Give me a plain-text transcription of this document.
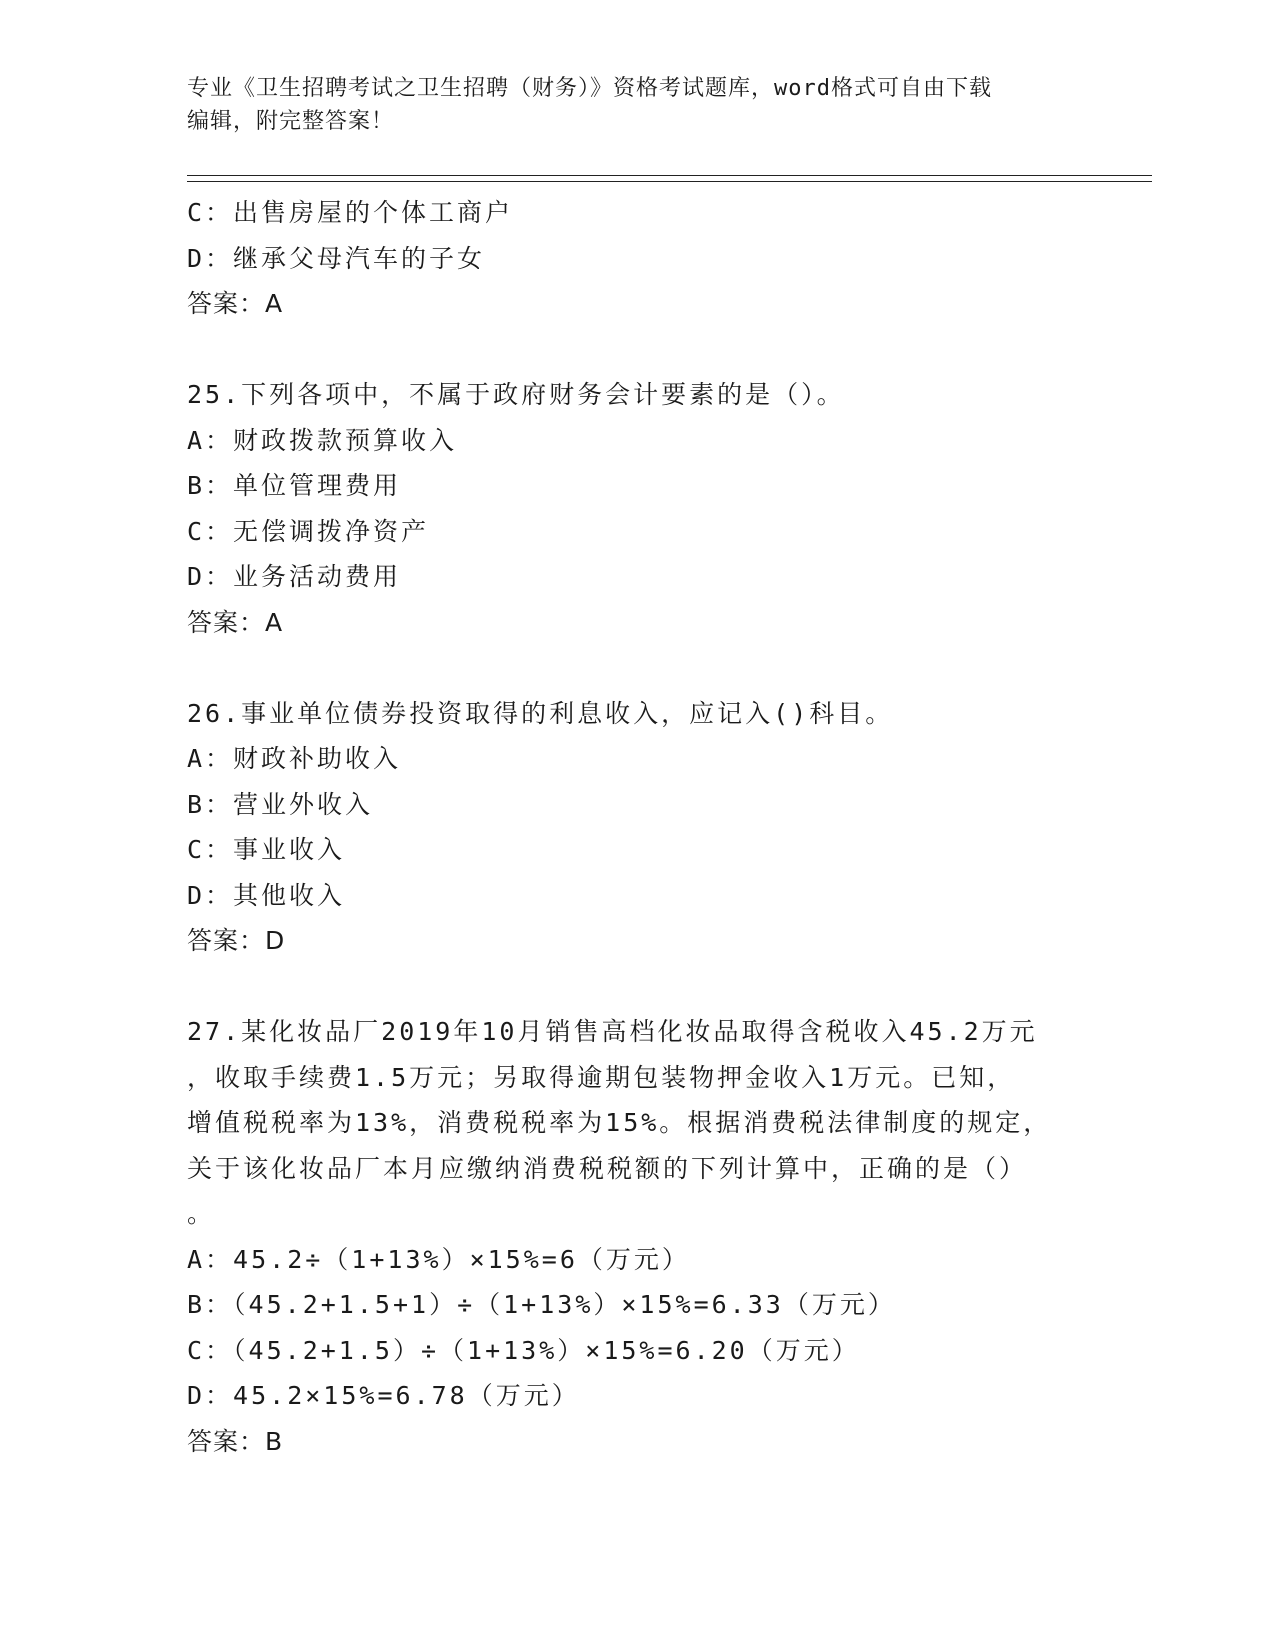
专业《卫生招聘考试之卫生招聘（财务）》资格考试题库，word格式可自由下载
编辑，附完整答案！
C：出售房屋的个体工商户
D：继承父母汽车的子女
答案：A
25.下列各项中，不属于政府财务会计要素的是（）。
A：财政拨款预算收入
B：单位管理费用
C：无偿调拨净资产
D：业务活动费用
答案：A
26.事业单位债券投资取得的利息收入，应记入()科目。
A：财政补助收入
B：营业外收入
C：事业收入
D：其他收入
答案：D
27.某化妆品厂2019年10月销售高档化妆品取得含税收入45.2万元
，收取手续费1.5万元；另取得逾期包装物押金收入1万元。已知，
增值税税率为13%，消费税税率为15%。根据消费税法律制度的规定，
关于该化妆品厂本月应缴纳消费税税额的下列计算中，正确的是（）
。
A：45.2÷（1+13%）×15%=6（万元）
B：（45.2+1.5+1）÷（1+13%）×15%=6.33（万元）
C：（45.2+1.5）÷（1+13%）×15%=6.20（万元）
D：45.2×15%=6.78（万元）
答案：B
